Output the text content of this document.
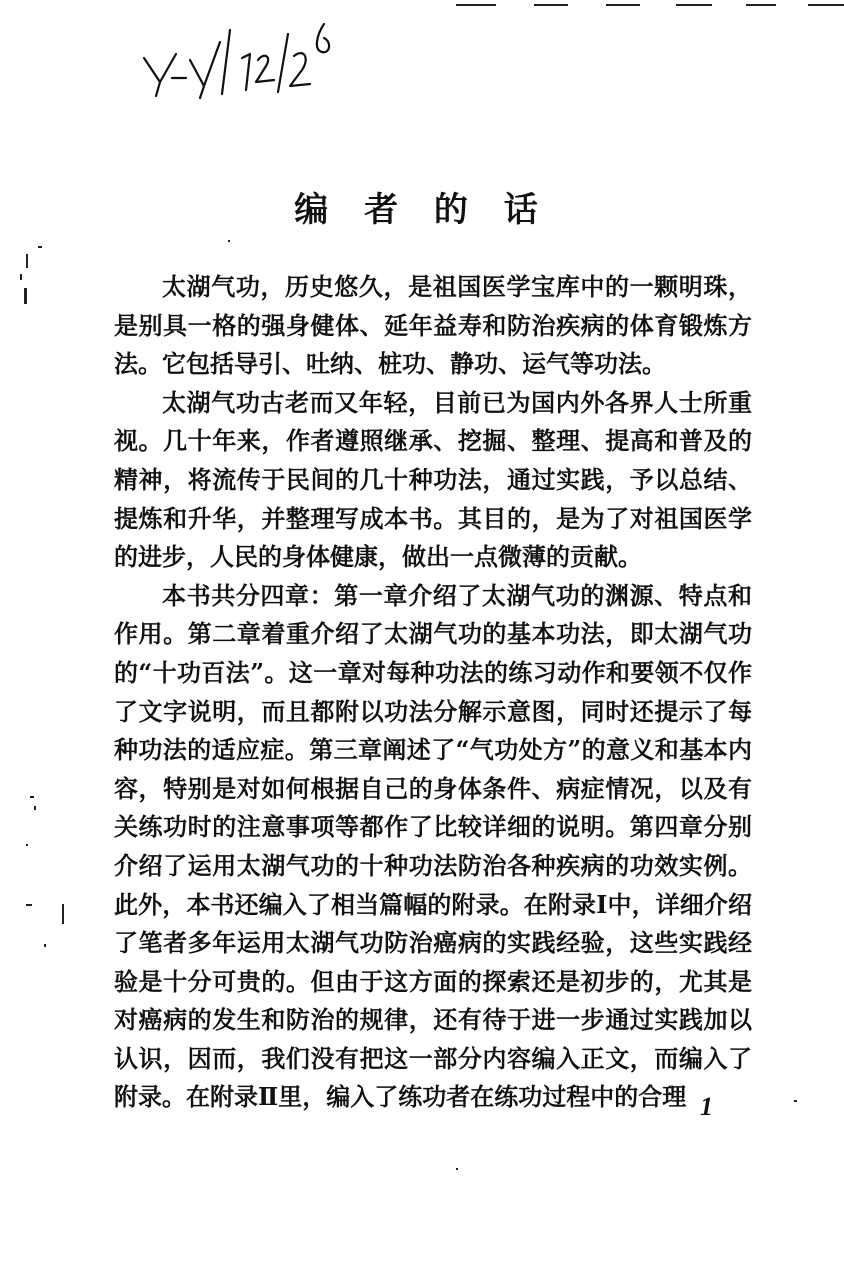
编 者 的 话

太湖气功，历史悠久，是祖国医学宝库中的一颗明珠，是别具一格的强身健体、延年益寿和防治疾病的体育锻炼方法。它包括导引、吐纳、桩功、静功、运气等功法。

太湖气功古老而又年轻，目前已为国内外各界人士所重视。几十年来，作者遵照继承、挖掘、整理、提高和普及的精神，将流传于民间的几十种功法，通过实践，予以总结、提炼和升华，并整理写成本书。其目的，是为了对祖国医学的进步，人民的身体健康，做出一点微薄的贡献。

本书共分四章：第一章介绍了太湖气功的渊源、特点和作用。第二章着重介绍了太湖气功的基本功法，即太湖气功的“十功百法”。这一章对每种功法的练习动作和要领不仅作了文字说明，而且都附以功法分解示意图，同时还提示了每种功法的适应症。第三章阐述了“气功处方”的意义和基本内容，特别是对如何根据自己的身体条件、病症情况，以及有关练功时的注意事项等都作了比较详细的说明。第四章分别介绍了运用太湖气功的十种功法防治各种疾病的功效实例。此外，本书还编入了相当篇幅的附录。在附录Ⅰ中，详细介绍了笔者多年运用太湖气功防治癌病的实践经验，这些实践经验是十分可贵的。但由于这方面的探索还是初步的，尤其是对癌病的发生和防治的规律，还有待于进一步通过实践加以认识，因而，我们没有把这一部分内容编入正文，而编入了附录。在附录Ⅱ里，编入了练功者在练功过程中的合理 1
